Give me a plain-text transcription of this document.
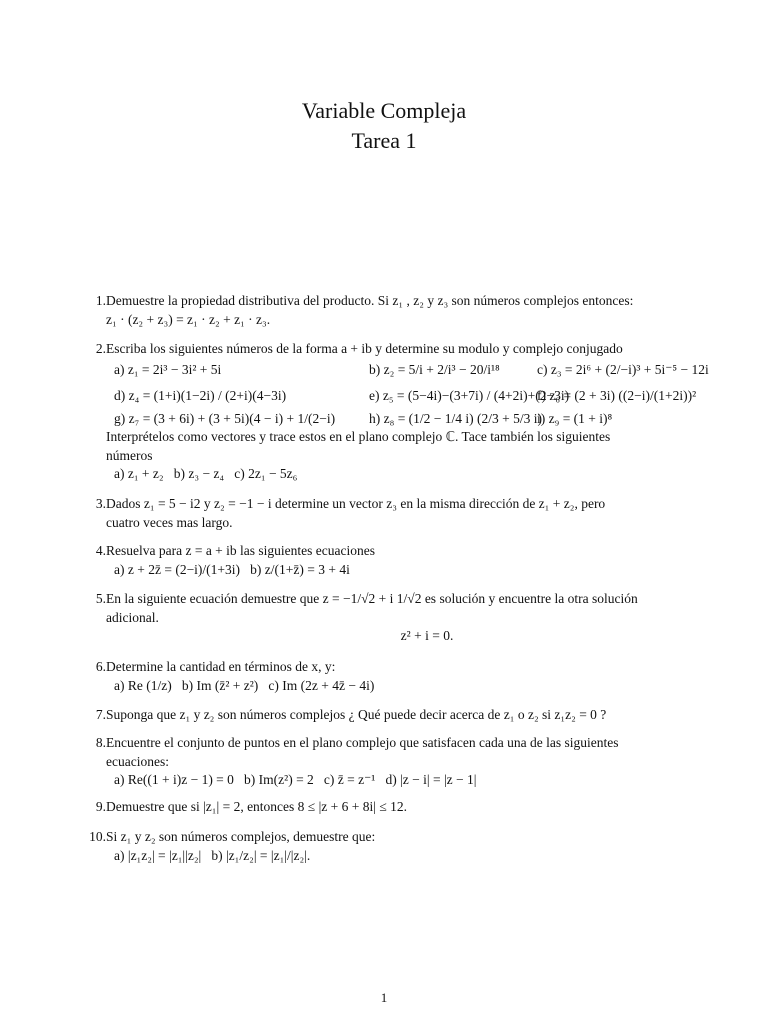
Variable Compleja
Tarea 1
1. Demuestre la propiedad distributiva del producto. Si z₁ , z₂ y z₃ son números complejos entonces:
z₁ · (z₂ + z₃) = z₁ · z₂ + z₁ · z₃.
2. Escriba los siguientes números de la forma a + ib y determine su modulo y complejo conjugado
a) z₁ = 2i³ − 3i² + 5i	b) z₂ = 5/i + 2/i³ − 20/i¹⁸	c) z₃ = 2i⁶ + (2/−i)³ + 5i⁻⁵ − 12i
d) z₄ = (1+i)(1−2i) / (2+i)(4−3i)	e) z₅ = (5−4i)−(3+7i) / (4+2i)+(2−3i)
f) z₆ = (2 + 3i) ((2−i)/(1+2i))²
g) z₇ = (3 + 6i) + (3 + 5i)(4 − i) + 1/(2−i)	h) z₈ = (1/2 − 1/4 i) (2/3 + 5/3 i)
i) z₉ = (1 + i)⁸
Interprételos como vectores y trace estos en el plano complejo ℂ. Tace también los siguientes
números
a) z₁ + z₂   b) z₃ − z₄   c) 2z₁ − 5z₆
3. Dados z₁ = 5 − i2 y z₂ = −1 − i determine un vector z₃ en la misma dirección de z₁ + z₂, pero
cuatro veces mas largo.
4. Resuelva para z = a + ib las siguientes ecuaciones
a) z + 2z̄ = (2−i)/(1+3i)   b) z/(1+z̄) = 3 + 4i
5. En la siguiente ecuación demuestre que z = −1/√2 + i 1/√2 es solución y encuentre la otra solución
adicional.
z² + i = 0.
6. Determine la cantidad en términos de x, y:
a) Re (1/z)   b) Im (z̄² + z²)   c) Im (2z + 4z̄ − 4i)
7. Suponga que z₁ y z₂ son números complejos ¿ Qué puede decir acerca de z₁ o z₂ si z₁z₂ = 0 ?
8. Encuentre el conjunto de puntos en el plano complejo que satisfacen cada una de las siguientes
ecuaciones:
a) Re((1 + i)z − 1) = 0   b) Im(z²) = 2   c) z̄ = z⁻¹   d) |z − i| = |z − 1|
9. Demuestre que si |z₁| = 2, entonces 8 ≤ |z + 6 + 8i| ≤ 12.
10. Si z₁ y z₂ son números complejos, demuestre que:
a) |z₁z₂| = |z₁||z₂|   b) |z₁/z₂| = |z₁|/|z₂|.
1
